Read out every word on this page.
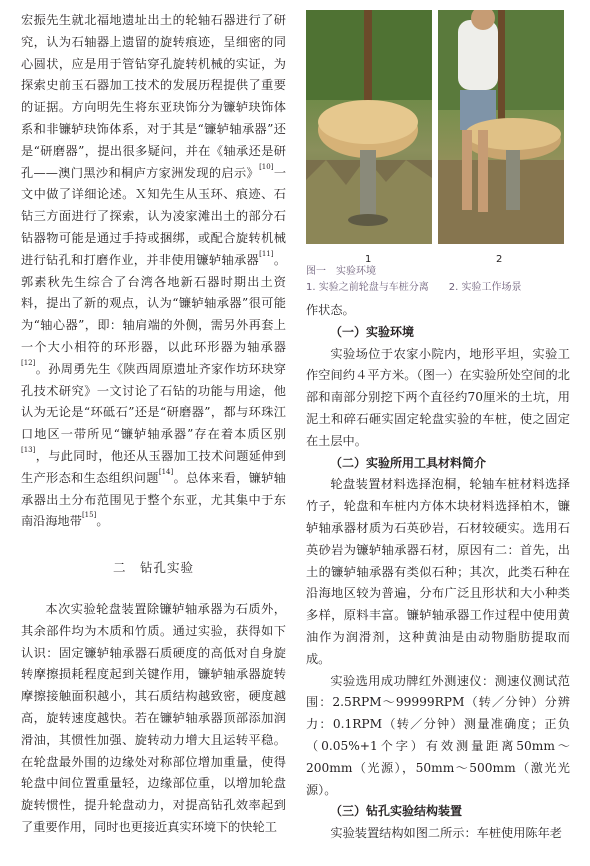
宏振先生就北福地遗址出土的轮轴石器进行了研究，认为石轴器上遗留的旋转痕迹，呈细密的同心圆状，应是用于管钻穿孔旋转机械的实证，为探索史前玉石器加工技术的发展历程提供了重要的证据。方向明先生将东亚玦饰分为镰轳玦饰体系和非镰轳玦饰体系，对于其是“镰轳轴承器”还是“研磨器”，提出很多疑问，并在《轴承还是研孔——澳门黑沙和桐庐方家洲发现的启示》[10]一文中做了详细论述。Ｘ知先生从玉环、痕迹、石钻三方面进行了探索，认为凌家滩出土的部分石钻器物可能是通过手持或捆绑，或配合旋转机械进行钻孔和打磨作业，并非使用镰轳轴承器[11]。郭素秋先生综合了台湾各地新石器时期出土资料，提出了新的观点，认为“镰轳轴承器”很可能为“轴心器”，即：轴肩端的外侧，需另外再套上一个大小相符的环形器，以此环形器为轴承器[12]。孙周勇先生《陕西周原遗址齐家作坊环玦穿孔技术研究》一文讨论了石钻的功能与用途，他认为无论是“环砥石”还是“研磨器”，都与环珠江口地区一带所见“镰轳轴承器”存在着本质区别[13]，与此同时，他还从玉器加工技术问题延伸到生产形态和生态组织问题[14]。总体来看，镰轳轴承器出土分布范围见于整个东亚，尤其集中于东南沿海地带[15]。

二　钻孔实验

本次实验轮盘装置除镰轳轴承器为石质外，其余部件均为木质和竹质。通过实验，获得如下认识：固定镰轳轴承器石质硬度的高低对自身旋转摩擦损耗程度起到关键作用，镰轳轴承器旋转摩擦接触面积越小，其石质结构越致密，硬度越高，旋转速度越快。若在镰轳轴承器顶部添加润滑油，其惯性加强、旋转动力增大且运转平稳。在轮盘最外围的边缘处对称部位增加重量，使得轮盘中间位置重量轻，边缘部位重，以增加轮盘旋转惯性，提升轮盘动力，对提高钻孔效率起到了重要作用，同时也更接近真实环境下的快轮工

1	2
图一　实验环境
1. 实验之前轮盘与车桩分离　　2. 实验工作场景

作状态。

（一）实验环境

实验场位于农家小院内，地形平坦，实验工作空间约４平方米。（图一）在实验所处空间的北部和南部分别挖下两个直径约70厘米的土坑，用泥土和碎石砸实固定轮盘实验的车桩，使之固定在土层中。

（二）实验所用工具材料简介

轮盘装置材料选择泡桐，轮轴车桩材料选择竹子，轮盘和车桩内方体木块材料选择柏木，镰轳轴承器材质为石英砂岩，石材较硬实。选用石英砂岩为镰轳轴承器石材，原因有二：首先，出土的镰轳轴承器有类似石种；其次，此类石种在沿海地区较为普遍，分布广泛且形状和大小种类多样，原料丰富。镰轳轴承器工作过程中使用黄油作为润滑剂，这种黄油是由动物脂肪提取而成。

实验选用成功牌红外测速仪：测速仪测试范围：2.5RPM～99999RPM（转／分钟）分辨力：0.1RPM（转／分钟）测量准确度；正负（0.05%+1个字）有效测量距离50mm～200mm（光源），50mm～500mm（激光光源）。

（三）钻孔实验结构装置

实验装置结构如图二所示：车桩使用陈年老
